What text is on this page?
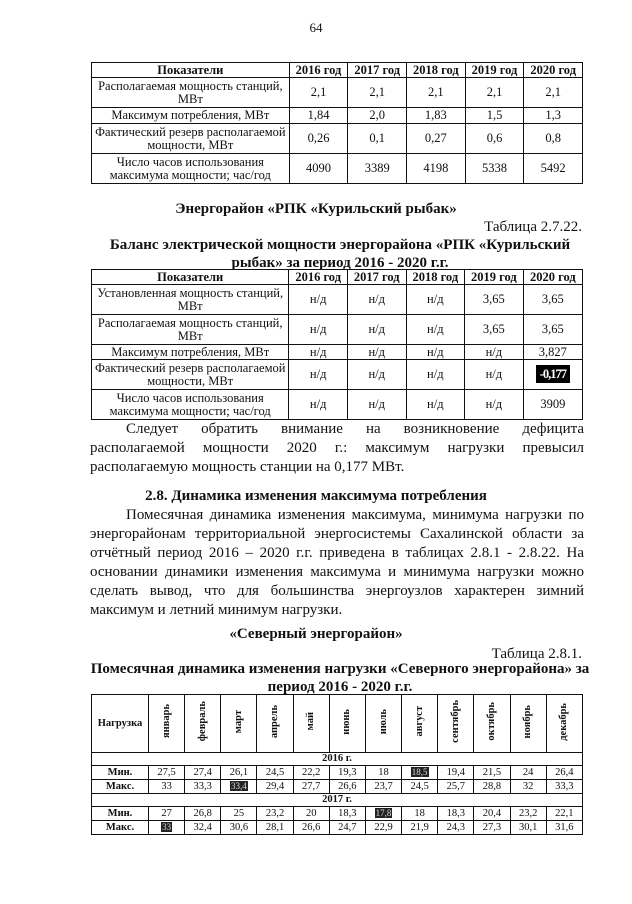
64
Показатели	2016 год	2017 год	2018 год	2019 год	2020 год
Располагаемая мощность станций, МВт	2,1	2,1	2,1	2,1	2,1
Максимум потребления, МВт	1,84	2,0	1,83	1,5	1,3
Фактический резерв располагаемой мощности, МВт	0,26	0,1	0,27	0,6	0,8
Число часов использования максимума мощности; час/год	4090	3389	4198	5338	5492
Энергорайон «РПК «Курильский рыбак»
Таблица 2.7.22.
Баланс электрической мощности энергорайона «РПК «Курильский рыбак» за период 2016 - 2020 г.г.
Показатели	2016 год	2017 год	2018 год	2019 год	2020 год
Установленная мощность станций, МВт	н/д	н/д	н/д	3,65	3,65
Располагаемая мощность станций, МВт	н/д	н/д	н/д	3,65	3,65
Максимум потребления, МВт	н/д	н/д	н/д	н/д	3,827
Фактический резерв располагаемой мощности, МВт	н/д	н/д	н/д	н/д	-0,177
Число часов использования максимума мощности; час/год	н/д	н/д	н/д	н/д	3909
Следует обратить внимание на возникновение дефицита располагаемой мощности 2020 г.: максимум нагрузки превысил располагаемую мощность станции на 0,177 МВт.
2.8. Динамика изменения максимума потребления
Помесячная динамика изменения максимума, минимума нагрузки по энергорайонам территориальной энергосистемы Сахалинской области за отчётный период 2016 – 2020 г.г. приведена в таблицах 2.8.1 - 2.8.22. На основании динамики изменения максимума и минимума нагрузки можно сделать вывод, что для большинства энергоузлов характерен зимний максимум и летний минимум нагрузки.
«Северный энергорайон»
Таблица 2.8.1.
Помесячная динамика изменения нагрузки «Северного энергорайона» за период 2016 - 2020 г.г.
Нагрузка	январь	февраль	март	апрель	май	июнь	июль	август	сентябрь	октябрь	ноябрь	декабрь
2016 г.												
Мин.	27,5	27,4	26,1	24,5	22,2	19,3	18	18,5	19,4	21,5	24	26,4
Макс.	33	33,3	33,4	29,4	27,7	26,6	23,7	24,5	25,7	28,8	32	33,3
2017 г.												
Мин.	27	26,8	25	23,2	20	18,3	17,8	18	18,3	20,4	23,2	22,1
Макс.	33	32,4	30,6	28,1	26,6	24,7	22,9	21,9	24,3	27,3	30,1	31,6
